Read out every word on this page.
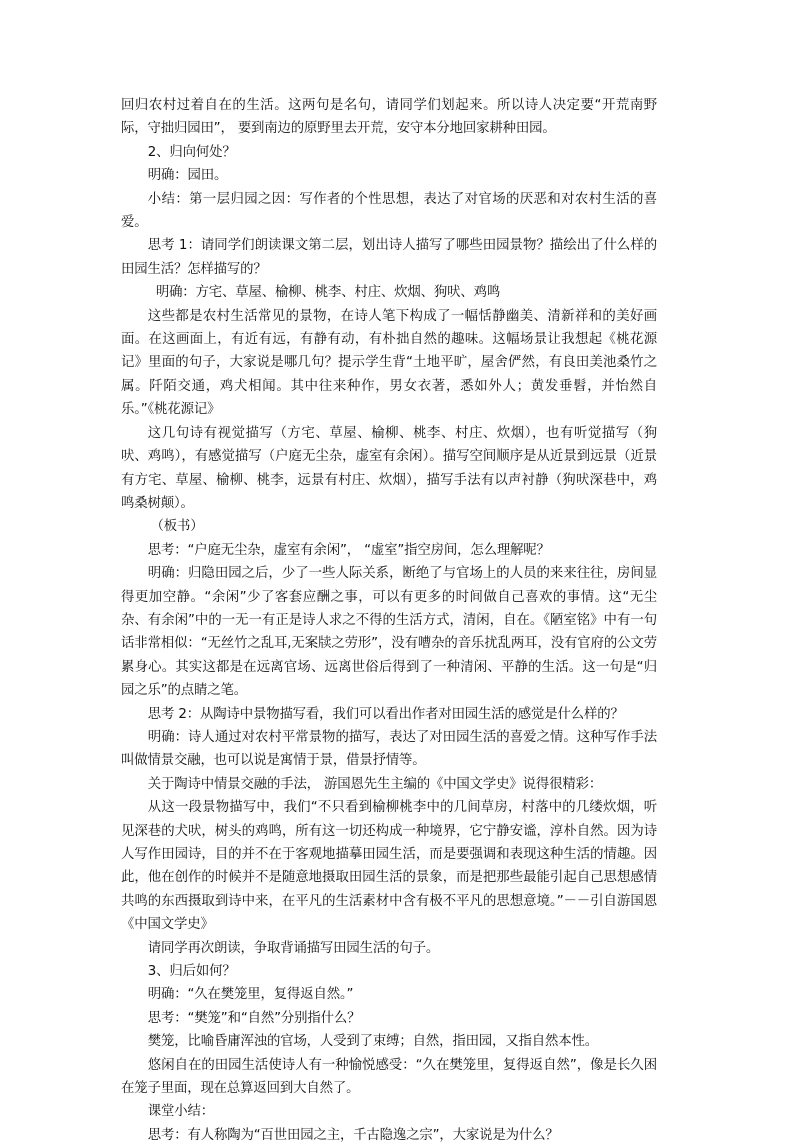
回归农村过着自在的生活。这两句是名句，请同学们划起来。所以诗人决定要“开荒南野际，守拙归园田”， 要到南边的原野里去开荒，安守本分地回家耕种田园。

2、归向何处？

明确：园田。

小结：第一层归园之因：写作者的个性思想，表达了对官场的厌恶和对农村生活的喜爱。

思考 1：请同学们朗读课文第二层，划出诗人描写了哪些田园景物？描绘出了什么样的田园生活？怎样描写的？

明确：方宅、草屋、榆柳、桃李、村庄、炊烟、狗吠、鸡鸣

这些都是农村生活常见的景物，在诗人笔下构成了一幅恬静幽美、清新祥和的美好画面。在这画面上，有近有远，有静有动，有朴拙自然的趣味。这幅场景让我想起《桃花源记》里面的句子，大家说是哪几句？提示学生背“土地平旷，屋舍俨然，有良田美池桑竹之属。阡陌交通，鸡犬相闻。其中往来种作，男女衣著，悉如外人；黄发垂髫，并怡然自乐。”《桃花源记》

这几句诗有视觉描写（方宅、草屋、榆柳、桃李、村庄、炊烟），也有听觉描写（狗吠、鸡鸣），有感觉描写（户庭无尘杂，虚室有余闲）。描写空间顺序是从近景到远景（近景有方宅、草屋、榆柳、桃李，远景有村庄、炊烟），描写手法有以声衬静（狗吠深巷中，鸡鸣桑树颠）。

（板书）

思考：“户庭无尘杂，虚室有余闲”， “虚室”指空房间，怎么理解呢？

明确：归隐田园之后，少了一些人际关系，断绝了与官场上的人员的来来往往，房间显得更加空静。“余闲”少了客套应酬之事，可以有更多的时间做自己喜欢的事情。这“无尘杂、有余闲”中的一无一有正是诗人求之不得的生活方式，清闲，自在。《陋室铭》中有一句话非常相似：“无丝竹之乱耳,无案牍之劳形”，没有嘈杂的音乐扰乱两耳，没有官府的公文劳累身心。其实这都是在远离官场、远离世俗后得到了一种清闲、平静的生活。这一句是“归园之乐”的点睛之笔。

思考 2：从陶诗中景物描写看，我们可以看出作者对田园生活的感觉是什么样的？

明确：诗人通过对农村平常景物的描写，表达了对田园生活的喜爱之情。这种写作手法叫做情景交融，也可以说是寓情于景，借景抒情等。

关于陶诗中情景交融的手法， 游国恩先生主编的《中国文学史》说得很精彩：

从这一段景物描写中，我们“不只看到榆柳桃李中的几间草房，村落中的几缕炊烟，听见深巷的犬吠，树头的鸡鸣，所有这一切还构成一种境界，它宁静安谧，淳朴自然。因为诗人写作田园诗，目的并不在于客观地描摹田园生活，而是要强调和表现这种生活的情趣。因此，他在创作的时候并不是随意地摄取田园生活的景象，而是把那些最能引起自己思想感情共鸣的东西摄取到诗中来，在平凡的生活素材中含有极不平凡的思想意境。”－－引自游国恩《中国文学史》

请同学再次朗读，争取背诵描写田园生活的句子。

3、归后如何？

明确：“久在樊笼里，复得返自然。”

思考：“樊笼”和“自然”分别指什么？

樊笼，比喻昏庸浑浊的官场，人受到了束缚；自然，指田园，又指自然本性。

悠闲自在的田园生活使诗人有一种愉悦感受：“久在樊笼里，复得返自然”，像是长久困在笼子里面，现在总算返回到大自然了。

课堂小结：

思考：有人称陶为“百世田园之主，千古隐逸之宗”，大家说是为什么？
